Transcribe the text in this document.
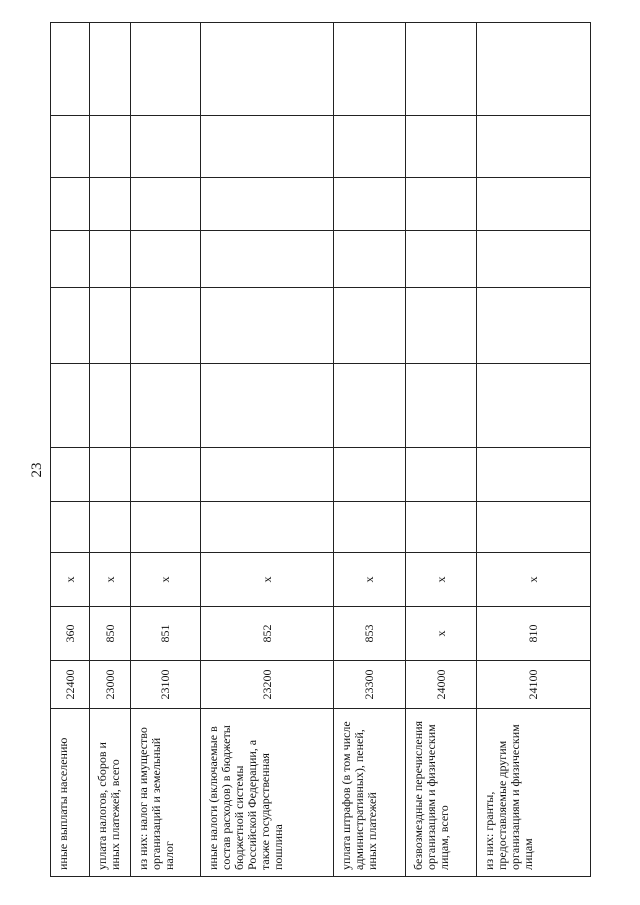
23
иные выплаты населению	22400	360	x								
уплата налогов, сборов и иных платежей, всего	23000	850	x								
из них: налог на имущество организаций и земельный налог	23100	851	x								
иные налоги (включаемые в состав расходов) в бюджеты бюджетной системы Российской Федерации, а также государственная пошлина	23200	852	x								
уплата штрафов (в том числе административных), пеней, иных платежей	23300	853	x								
безвозмездные перечисления организациям и физическим лицам, всего	24000	x	x								
из них: гранты, предоставляемые другим организациям и физическим лицам	24100	810	x								
